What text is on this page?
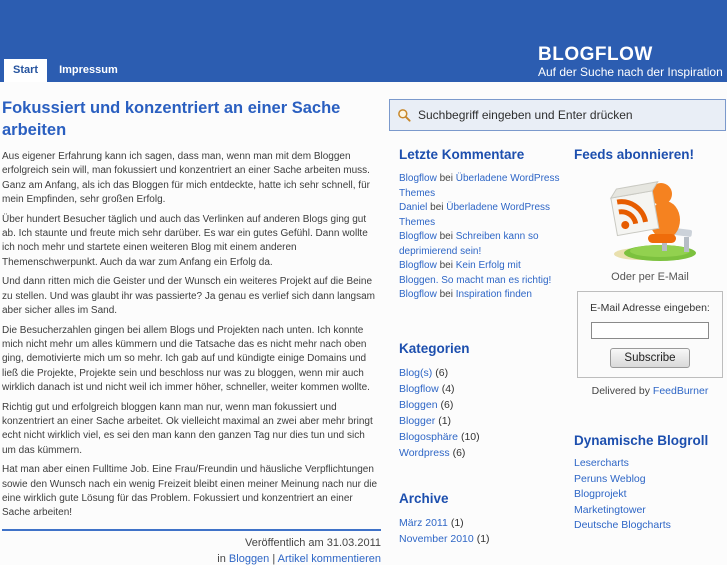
BLOGFLOW
Auf der Suche nach der Inspiration
Start	Impressum
Suchbegriff eingeben und Enter drücken
Fokussiert und konzentriert an einer Sache arbeiten

Aus eigener Erfahrung kann ich sagen, dass man, wenn man mit dem Bloggen erfolgreich sein will, man fokussiert und konzentriert an einer Sache arbeiten muss. Ganz am Anfang, als ich das Bloggen für mich entdeckte, hatte ich sehr schnell, für mein Empfinden, sehr großen Erfolg.

Über hundert Besucher täglich und auch das Verlinken auf anderen Blogs ging gut ab. Ich staunte und freute mich sehr darüber. Es war ein gutes Gefühl. Dann wollte ich noch mehr und startete einen weiteren Blog mit einem anderen Themenschwerpunkt. Auch da war zum Anfang ein Erfolg da.

Und dann ritten mich die Geister und der Wunsch ein weiteres Projekt auf die Beine zu stellen. Und was glaubt ihr was passierte? Ja genau es verlief sich dann langsam aber sicher alles im Sand.

Die Besucherzahlen gingen bei allem Blogs und Projekten nach unten. Ich konnte mich nicht mehr um alles kümmern und die Tatsache das es nicht mehr nach oben ging, demotivierte mich um so mehr. Ich gab auf und kündigte einige Domains und ließ die Projekte, Projekte sein und beschloss nur was zu bloggen, wenn mir auch wirklich danach ist und nicht weil ich immer höher, schneller, weiter kommen wollte.

Richtig gut und erfolgreich bloggen kann man nur, wenn man fokussiert und konzentriert an einer Sache arbeitet. Ok vielleicht maximal an zwei aber mehr bringt echt nicht wirklich viel, es sei den man kann den ganzen Tag nur dies tun und sich um das kümmern.

Hat man aber einen Fulltime Job. Eine Frau/Freundin und häusliche Verpflichtungen sowie den Wunsch nach ein wenig Freizeit bleibt einen meiner Meinung nach nur die eine wirklich gute Lösung für das Problem. Fokussiert und konzentriert an einer Sache arbeiten!

Veröffentlich am 31.03.2011
in Bloggen | Artikel kommentieren
Letzte Kommentare
Blogflow bei Überladene WordPress Themes
Daniel bei Überladene WordPress Themes
Blogflow bei Schreiben kann so deprimierend sein!
Blogflow bei Kein Erfolg mit Bloggen. So macht man es richtig!
Blogflow bei Inspiration finden
Kategorien
Blog(s) (6)
Blogflow (4)
Bloggen (6)
Blogger (1)
Blogosphäre (10)
Wordpress (6)
Archive
März 2011 (1)
November 2010 (1)
Feeds abonnieren!
Oder per E-Mail
E-Mail Adresse eingeben:
Subscribe
Delivered by FeedBurner
Dynamische Blogroll
Lesercharts
Peruns Weblog
Blogprojekt
Marketingtower
Deutsche Blogcharts
